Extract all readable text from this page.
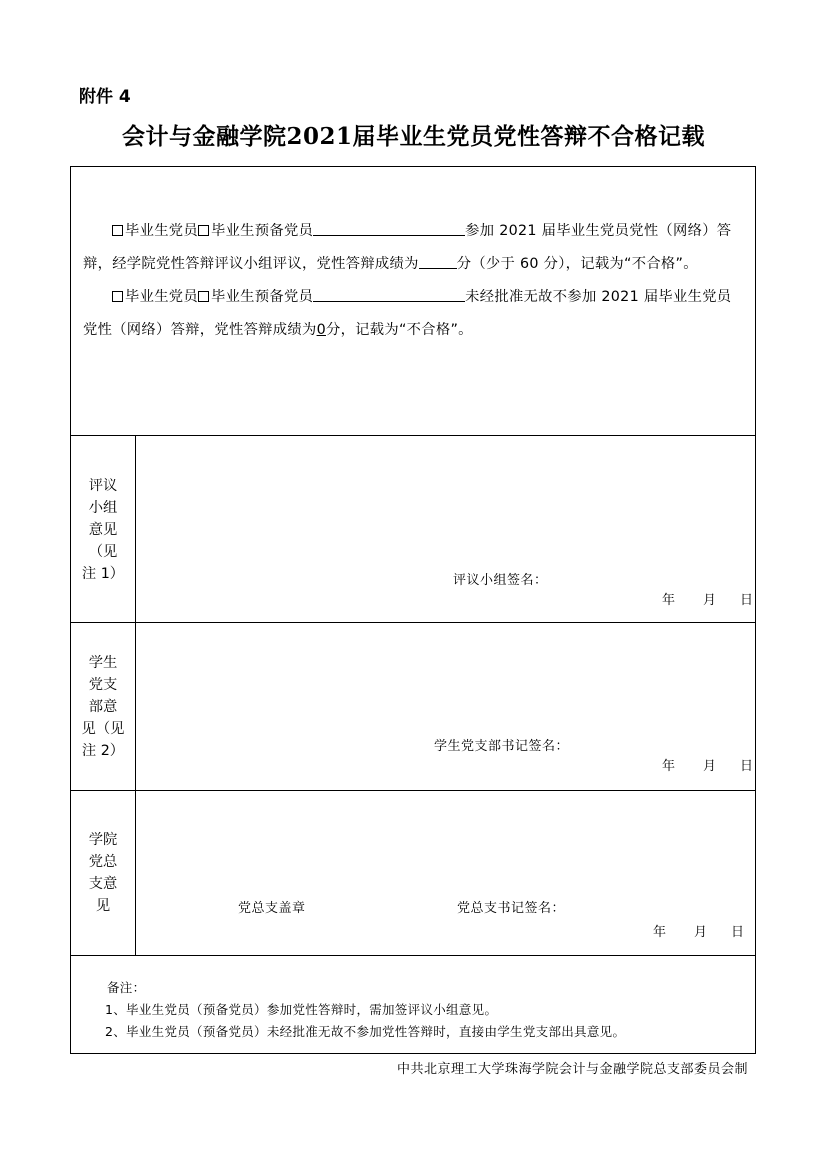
附件 4
会计与金融学院2021届毕业生党员党性答辩不合格记载

毕业生党员 毕业生预备党员	参加 2021 届毕业生党员党性（网络）答辩，经学院党性答辩评议小组评议，党性答辩成绩为	分（少于 60 分），记载为“不合格”。

毕业生党员 毕业生预备党员	未经批准无故不参加 2021 届毕业生党员党性（网络）答辩，党性答辩成绩为0分，记载为“不合格”。

评议
小组
意见
（见
注 1）	评议小组签名：
年 月 日
学生
党支
部意
见（见
注 2）	学生党支部书记签名：
年 月 日
学院
党总
支意
见	党总支盖章	党总支书记签名：
年 月 日
备注：
1、毕业生党员（预备党员）参加党性答辩时，需加签评议小组意见。
2、毕业生党员（预备党员）未经批准无故不参加党性答辩时，直接由学生党支部出具意见。
中共北京理工大学珠海学院会计与金融学院总支部委员会制
